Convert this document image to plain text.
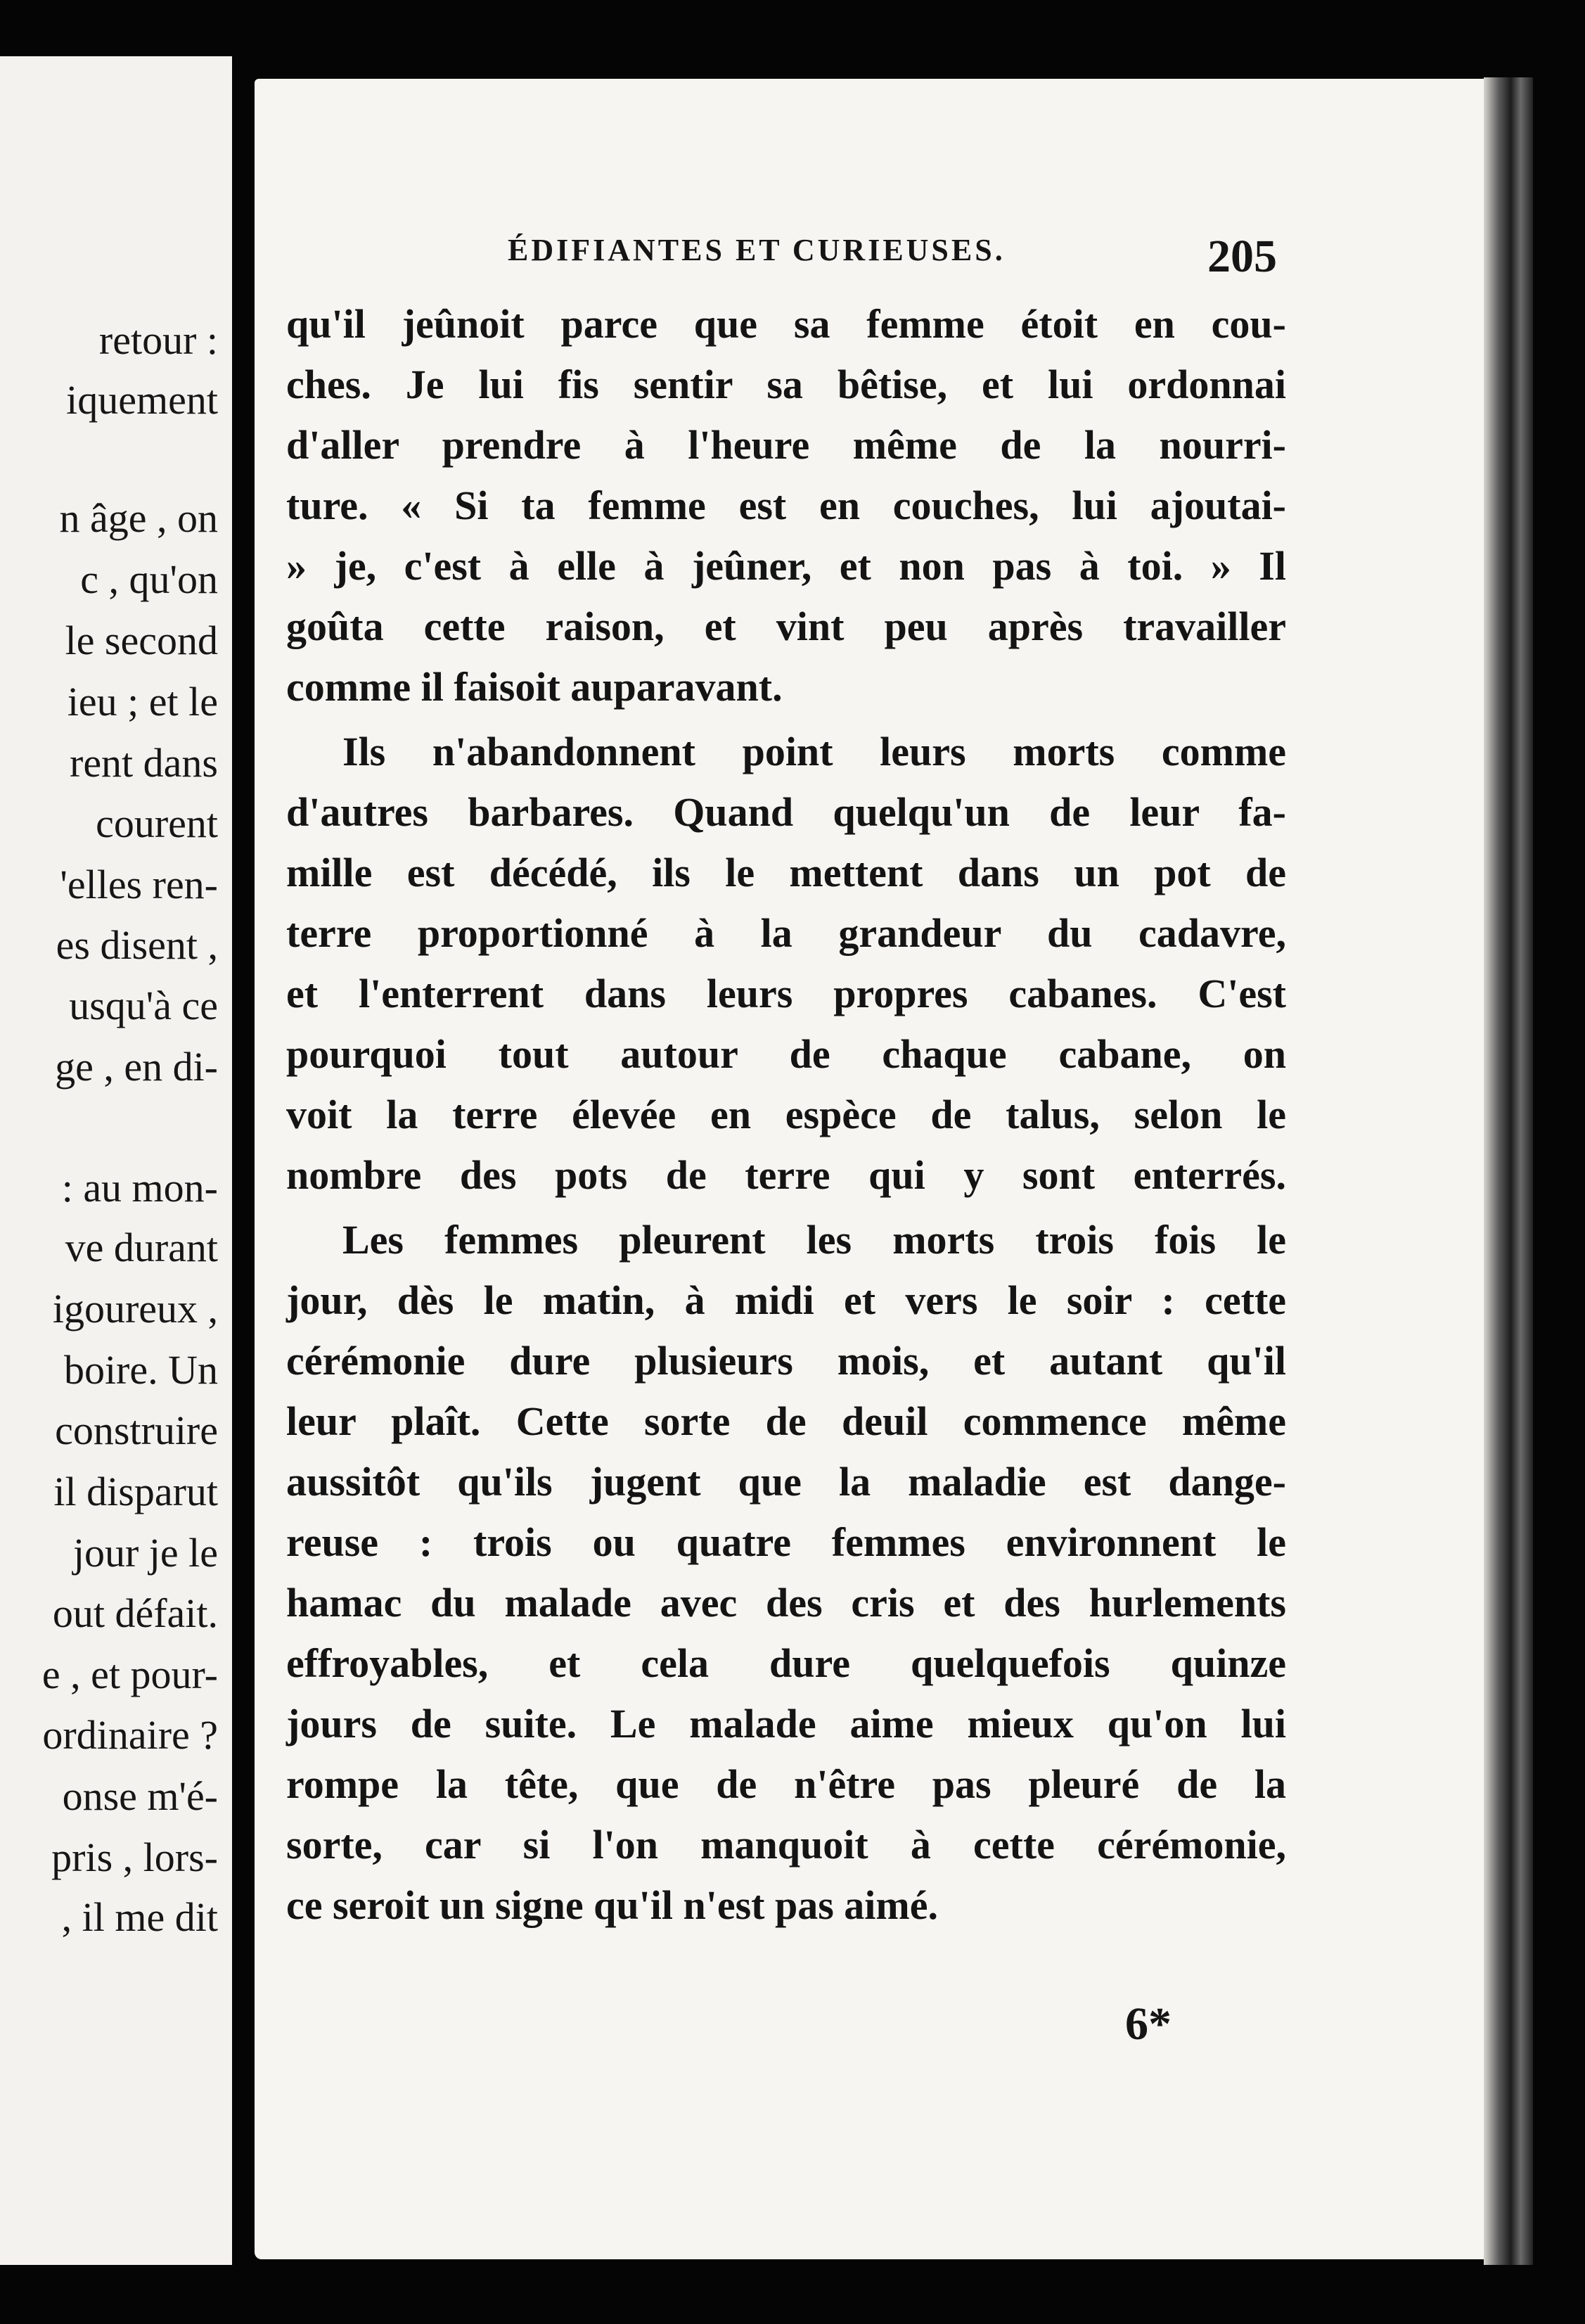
retour :
iquement
n âge , on
c , qu'on
le second
ieu ; et le
rent dans
courent
'elles ren-
es disent ,
usqu'à ce
ge , en di-
: au mon-
ve durant
igoureux ,
boire. Un
construire
il disparut
jour je le
out défait.
e , et pour-
ordinaire ?
onse m'é-
pris , lors-
, il me dit
ÉDIFIANTES ET CURIEUSES.	205
qu'il jeûnoit parce que sa femme étoit en cou-
ches. Je lui fis sentir sa bêtise, et lui ordonnai
d'aller prendre à l'heure même de la nourri-
ture. « Si ta femme est en couches, lui ajoutai-
» je, c'est à elle à jeûner, et non pas à toi. » Il
goûta cette raison, et vint peu après travailler
comme il faisoit auparavant.
Ils n'abandonnent point leurs morts comme
d'autres barbares. Quand quelqu'un de leur fa-
mille est décédé, ils le mettent dans un pot de
terre proportionné à la grandeur du cadavre,
et l'enterrent dans leurs propres cabanes. C'est
pourquoi tout autour de chaque cabane, on
voit la terre élevée en espèce de talus, selon le
nombre des pots de terre qui y sont enterrés.
Les femmes pleurent les morts trois fois le
jour, dès le matin, à midi et vers le soir : cette
cérémonie dure plusieurs mois, et autant qu'il
leur plaît. Cette sorte de deuil commence même
aussitôt qu'ils jugent que la maladie est dange-
reuse : trois ou quatre femmes environnent le
hamac du malade avec des cris et des hurlements
effroyables, et cela dure quelquefois quinze
jours de suite. Le malade aime mieux qu'on lui
rompe la tête, que de n'être pas pleuré de la
sorte, car si l'on manquoit à cette cérémonie,
ce seroit un signe qu'il n'est pas aimé.
6*
